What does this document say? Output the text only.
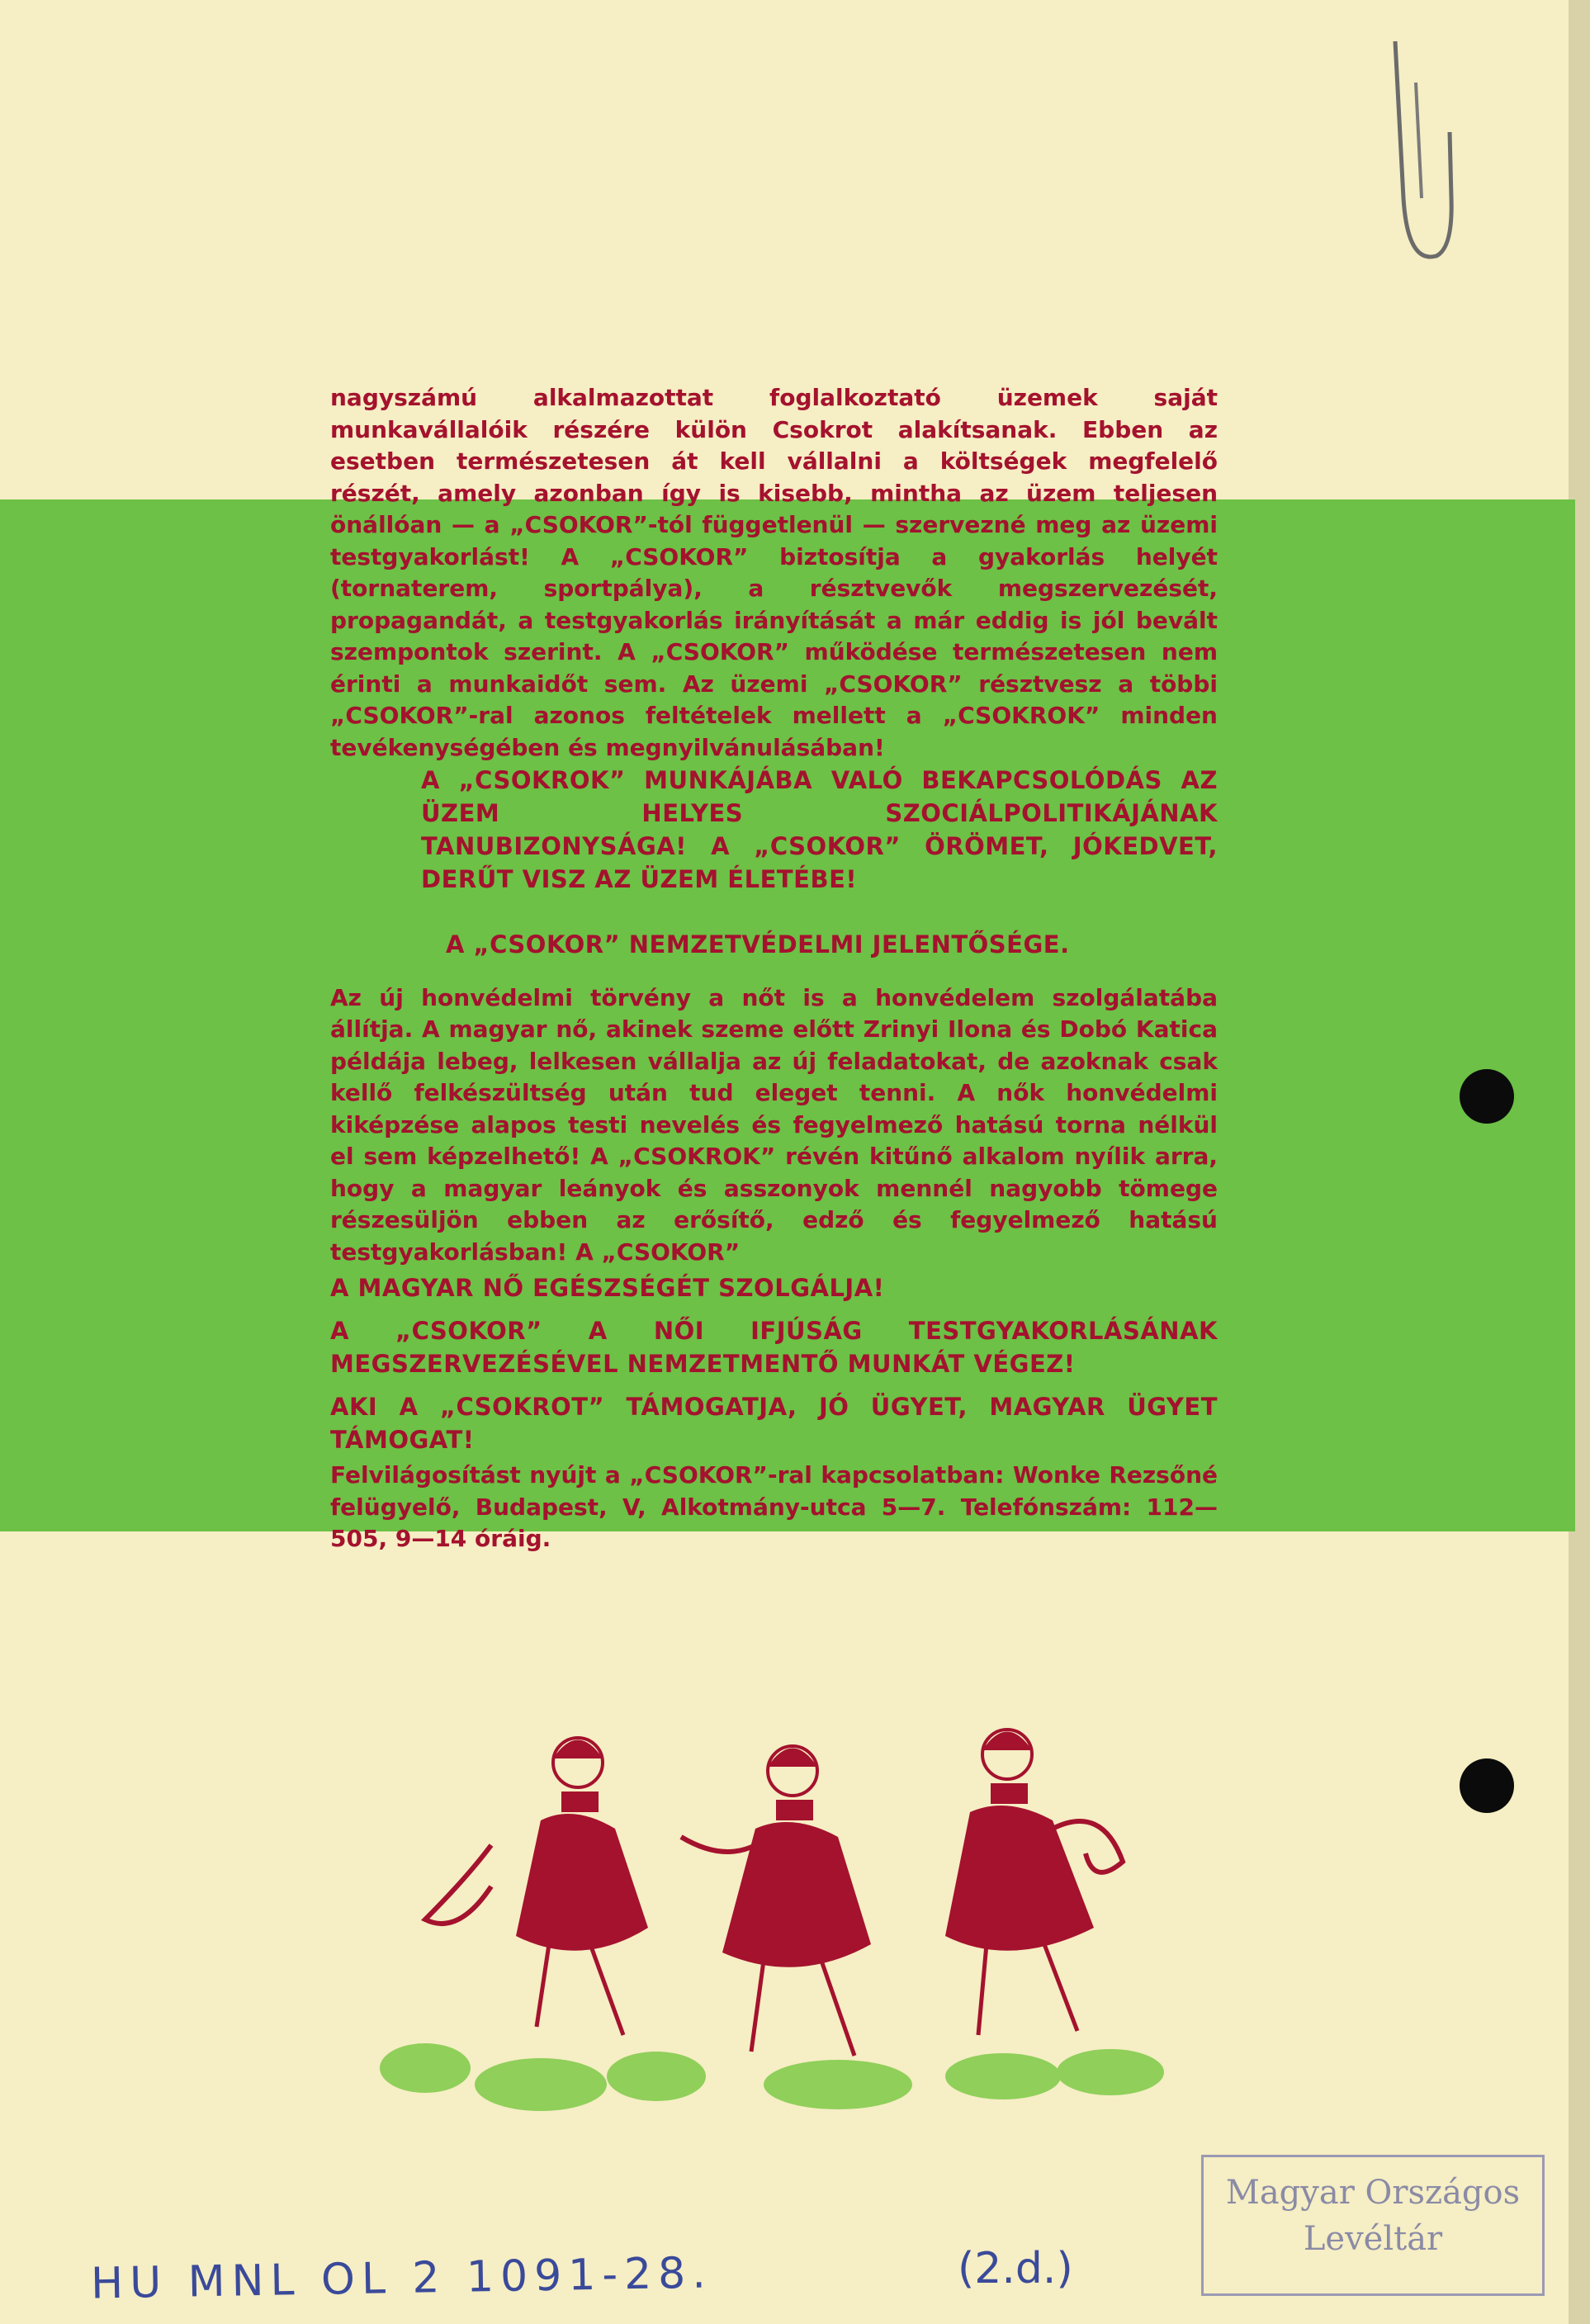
nagyszámú alkalmazottat foglalkoztató üzemek saját munkavállalóik részére külön Csokrot alakítsanak. Ebben az esetben természetesen át kell vállalni a költségek megfelelő részét, amely azonban így is kisebb, mintha az üzem teljesen önállóan — a „CSOKOR”-tól függetlenül — szervezné meg az üzemi testgyakorlást! A „CSOKOR” biztosítja a gyakorlás helyét (tornaterem, sportpálya), a résztvevők megszervezését, propagandát, a testgyakorlás irányítását a már eddig is jól bevált szempontok szerint. A „CSOKOR” működése természetesen nem érinti a munkaidőt sem. Az üzemi „CSOKOR” résztvesz a többi „CSOKOR”-ral azonos feltételek mellett a „CSOKROK” minden tevékenységében és megnyilvánulásában!

A „CSOKROK” MUNKÁJÁBA VALÓ BEKAPCSOLÓDÁS AZ ÜZEM HELYES SZOCIÁLPOLITIKÁJÁNAK TANUBIZONYSÁGA! A „CSOKOR” ÖRÖMET, JÓKEDVET, DERŰT VISZ AZ ÜZEM ÉLETÉBE!

A „CSOKOR” NEMZETVÉDELMI JELENTŐSÉGE.

Az új honvédelmi törvény a nőt is a honvédelem szolgálatába állítja. A magyar nő, akinek szeme előtt Zrinyi Ilona és Dobó Katica példája lebeg, lelkesen vállalja az új feladatokat, de azoknak csak kellő felkészültség után tud eleget tenni. A nők honvédelmi kiképzése alapos testi nevelés és fegyelmező hatású torna nélkül el sem képzelhető! A „CSOKROK” révén kitűnő alkalom nyílik arra, hogy a magyar leányok és asszonyok mennél nagyobb tömege részesüljön ebben az erősítő, edző és fegyelmező hatású testgyakorlásban! A „CSOKOR”

A MAGYAR NŐ EGÉSZSÉGÉT SZOLGÁLJA!

A „CSOKOR” A NŐI IFJÚSÁG TESTGYAKORLÁSÁNAK MEGSZERVEZÉSÉVEL NEMZETMENTŐ MUNKÁT VÉGEZ!

AKI A „CSOKROT” TÁMOGATJA, JÓ ÜGYET, MAGYAR ÜGYET TÁMOGAT!

Felvilágosítást nyújt a „CSOKOR”-ral kapcsolatban: Wonke Rezsőné felügyelő, Budapest, V, Alkotmány-utca 5—7. Telefónszám: 112—505, 9—14 óráig.

Magyar Országos
Levéltár
HU MNL OL 2 1091-28.	(2.d.)
